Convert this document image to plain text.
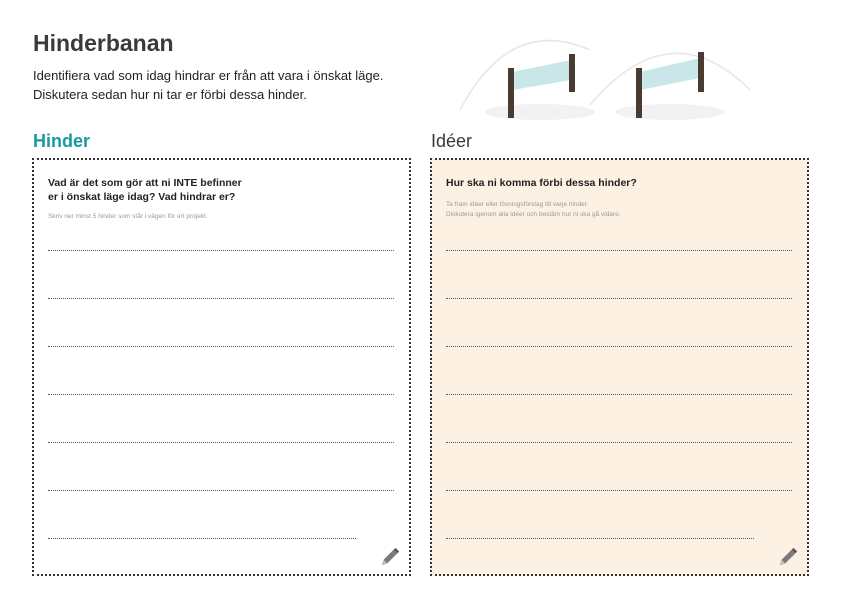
Hinderbanan
Identifiera vad som idag hindrar er från att vara i önskat läge.
Diskutera sedan hur ni tar er förbi dessa hinder.
Hinder	Idéer
Vad är det som gör att ni INTE befinner
er i önskat läge idag? Vad hindrar er?
Skriv ner minst 5 hinder som står i vägen för ert projekt.
Hur ska ni komma förbi dessa hinder?
Ta fram idéer eller lösningsförslag till varje hinder.
Diskutera igenom alla idéer och bestäm hur ni ska gå vidare.
